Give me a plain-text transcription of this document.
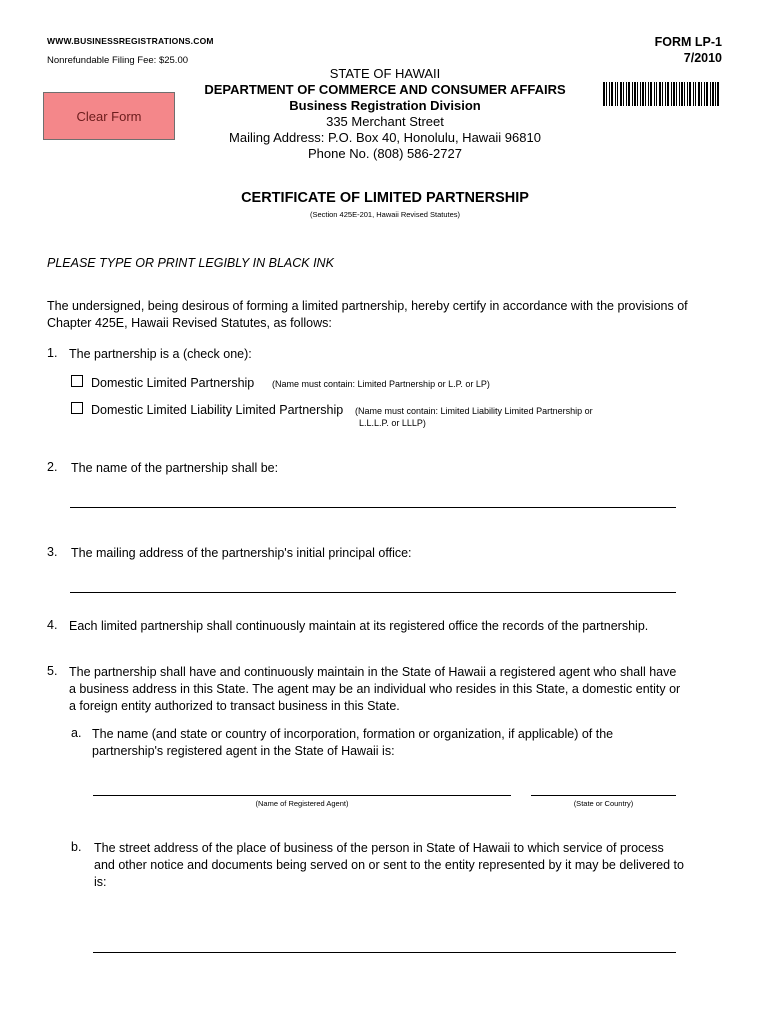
WWW.BUSINESSREGISTRATIONS.COM
Nonrefundable Filing Fee: $25.00
FORM LP-1
7/2010
Clear Form
STATE OF HAWAII
DEPARTMENT OF COMMERCE AND CONSUMER AFFAIRS
Business Registration Division
335 Merchant Street
Mailing Address: P.O. Box 40, Honolulu, Hawaii 96810
Phone No. (808) 586-2727
CERTIFICATE OF LIMITED PARTNERSHIP
(Section 425E-201, Hawaii Revised Statutes)
PLEASE TYPE OR PRINT LEGIBLY IN BLACK INK
The undersigned, being desirous of forming a limited partnership, hereby certify in accordance with the provisions of Chapter 425E, Hawaii Revised Statutes, as follows:
1. The partnership is a (check one):
Domestic Limited Partnership (Name must contain: Limited Partnership or L.P. or LP)
Domestic Limited Liability Limited Partnership (Name must contain: Limited Liability Limited Partnership or
L.L.L.P. or LLLP)
2. The name of the partnership shall be:
3. The mailing address of the partnership's initial principal office:
4. Each limited partnership shall continuously maintain at its registered office the records of the partnership.
5. The partnership shall have and continuously maintain in the State of Hawaii a registered agent who shall have a business address in this State. The agent may be an individual who resides in this State, a domestic entity or a foreign entity authorized to transact business in this State.
a. The name (and state or country of incorporation, formation or organization, if applicable) of the partnership's registered agent in the State of Hawaii is:
(Name of Registered Agent)	(State or Country)
b. The street address of the place of business of the person in State of Hawaii to which service of process and other notice and documents being served on or sent to the entity represented by it may be delivered to is:
